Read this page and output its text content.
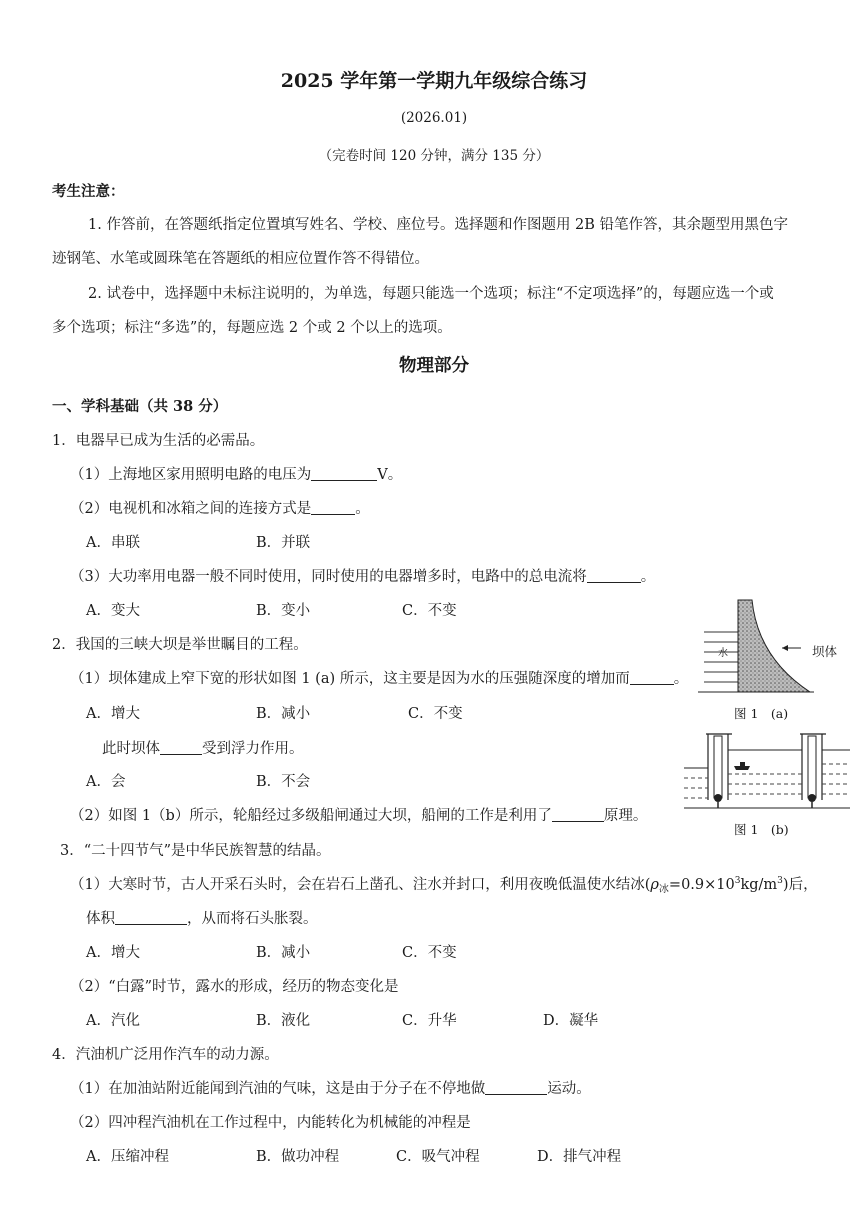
2025 学年第一学期九年级综合练习
(2026.01)
（完卷时间 120 分钟，满分 135 分）
考生注意：
1. 作答前，在答题纸指定位置填写姓名、学校、座位号。选择题和作图题用 2B 铅笔作答，其余题型用黑色字
迹钢笔、水笔或圆珠笔在答题纸的相应位置作答不得错位。
2. 试卷中，选择题中未标注说明的，为单选，每题只能选一个选项；标注“不定项选择”的，每题应选一个或
多个选项；标注“多选”的，每题应选 2 个或 2 个以上的选项。
物理部分
一、学科基础（共 38 分）
1．电器早已成为生活的必需品。
（1）上海地区家用照明电路的电压为	V。
（2）电视机和冰箱之间的连接方式是	。
A．串联	B．并联
（3）大功率用电器一般不同时使用，同时使用的电器增多时，电路中的总电流将	。
A．变大	B．变小	C．不变
2．我国的三峡大坝是举世瞩目的工程。
（1）坝体建成上窄下宽的形状如图 1 (a) 所示，这主要是因为水的压强随深度的增加而	。
A．增大	B．减小	C．不变
此时坝体	受到浮力作用。
A．会	B．不会
（2）如图 1（b）所示，轮船经过多级船闸通过大坝，船闸的工作是利用了	原理。
水	坝体
图 1　(a)
图 1　(b)
3．“二十四节气”是中华民族智慧的结晶。
（1）大寒时节，古人开采石头时，会在岩石上凿孔、注水并封口，利用夜晚低温使水结冰$(\rho_冰=0.9\times 10^3kg/m^3)$后，
体积	，从而将石头胀裂。
A．增大	B．减小	C．不变
（2）“白露”时节，露水的形成，经历的物态变化是
A．汽化	B．液化	C．升华	D．凝华
4．汽油机广泛用作汽车的动力源。
（1）在加油站附近能闻到汽油的气味，这是由于分子在不停地做	运动。
（2）四冲程汽油机在工作过程中，内能转化为机械能的冲程是
A．压缩冲程	B．做功冲程	C．吸气冲程	D．排气冲程
